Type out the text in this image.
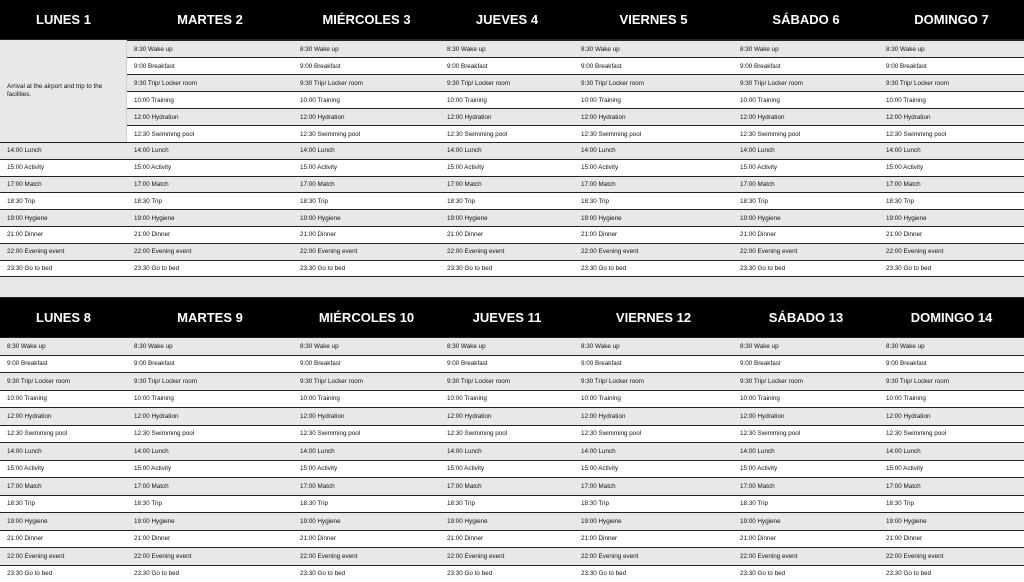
LUNES 1	MARTES 2	MIÉRCOLES 3	JUEVES 4	VIERNES 5	SÁBADO 6	DOMINGO 7
Arrival at the airport and trip to the facilities.
8:30 Wake up	8:30 Wake up	8:30 Wake up	8:30 Wake up	8:30 Wake up	8:30 Wake up
9:00 Breakfast	9:00 Breakfast	9:00 Breakfast	9:00 Breakfast	9:00 Breakfast	9:00 Breakfast
9:30 Trip/ Locker room	9:30 Trip/ Locker room	9:30 Trip/ Locker room	9:30 Trip/ Locker room	9:30 Trip/ Locker room	9:30 Trip/ Locker room
10:00 Training	10:00 Training	10:00 Training	10:00 Training	10:00 Training	10:00 Training
12:00 Hydration	12:00 Hydration	12:00 Hydration	12:00 Hydration	12:00 Hydration	12:00 Hydration
12:30 Swimming pool	12:30 Swimming pool	12:30 Swimming pool	12:30 Swimming pool	12:30 Swimming pool	12:30 Swimming pool
14:00 Lunch	14:00 Lunch	14:00 Lunch	14:00 Lunch	14:00 Lunch	14:00 Lunch	14:00 Lunch
15:00 Activity	15:00 Activity	15:00 Activity	15:00 Activity	15:00 Activity	15:00 Activity	15:00 Activity
17:00 Match	17:00 Match	17:00 Match	17:00 Match	17:00 Match	17:00 Match	17:00 Match
18:30 Trip	18:30 Trip	18:30 Trip	18:30 Trip	18:30 Trip	18:30 Trip	18:30 Trip
19:00 Hygiene	19:00 Hygiene	19:00 Hygiene	19:00 Hygiene	19:00 Hygiene	19:00 Hygiene	19:00 Hygiene
21:00 Dinner	21:00 Dinner	21:00 Dinner	21:00 Dinner	21:00 Dinner	21:00 Dinner	21:00 Dinner
22:00 Evening event	22:00 Evening event	22:00 Evening event	22:00 Evening event	22:00 Evening event	22:00 Evening event	22:00 Evening event
23:30 Go to bed	23:30 Go to bed	23:30 Go to bed	23:30 Go to bed	23:30 Go to bed	23:30 Go to bed	23:30 Go to bed
LUNES 8	MARTES 9	MIÉRCOLES 10	JUEVES 11	VIERNES 12	SÁBADO 13	DOMINGO 14
8:30 Wake up	8:30 Wake up	8:30 Wake up	8:30 Wake up	8:30 Wake up	8:30 Wake up	8:30 Wake up
9:00 Breakfast	9:00 Breakfast	9:00 Breakfast	9:00 Breakfast	9:00 Breakfast	9:00 Breakfast	9:00 Breakfast
9:30 Trip/ Locker room	9:30 Trip/ Locker room	9:30 Trip/ Locker room	9:30 Trip/ Locker room	9:30 Trip/ Locker room	9:30 Trip/ Locker room	9:30 Trip/ Locker room
10:00 Training	10:00 Training	10:00 Training	10:00 Training	10:00 Training	10:00 Training	10:00 Training
12:00 Hydration	12:00 Hydration	12:00 Hydration	12:00 Hydration	12:00 Hydration	12:00 Hydration	12:00 Hydration
12:30 Swimming pool	12:30 Swimming pool	12:30 Swimming pool	12:30 Swimming pool	12:30 Swimming pool	12:30 Swimming pool	12:30 Swimming pool
14:00 Lunch	14:00 Lunch	14:00 Lunch	14:00 Lunch	14:00 Lunch	14:00 Lunch	14:00 Lunch
15:00 Activity	15:00 Activity	15:00 Activity	15:00 Activity	15:00 Activity	15:00 Activity	15:00 Activity
17:00 Match	17:00 Match	17:00 Match	17:00 Match	17:00 Match	17:00 Match	17:00 Match
18:30 Trip	18:30 Trip	18:30 Trip	18:30 Trip	18:30 Trip	18:30 Trip	18:30 Trip
19:00 Hygiene	19:00 Hygiene	19:00 Hygiene	19:00 Hygiene	19:00 Hygiene	19:00 Hygiene	19:00 Hygiene
21:00 Dinner	21:00 Dinner	21:00 Dinner	21:00 Dinner	21:00 Dinner	21:00 Dinner	21:00 Dinner
22:00 Evening event	22:00 Evening event	22:00 Evening event	22:00 Evening event	22:00 Evening event	22:00 Evening event	22:00 Evening event
23:30 Go to bed	23:30 Go to bed	23:30 Go to bed	23:30 Go to bed	23:30 Go to bed	23:30 Go to bed	23:30 Go to bed
